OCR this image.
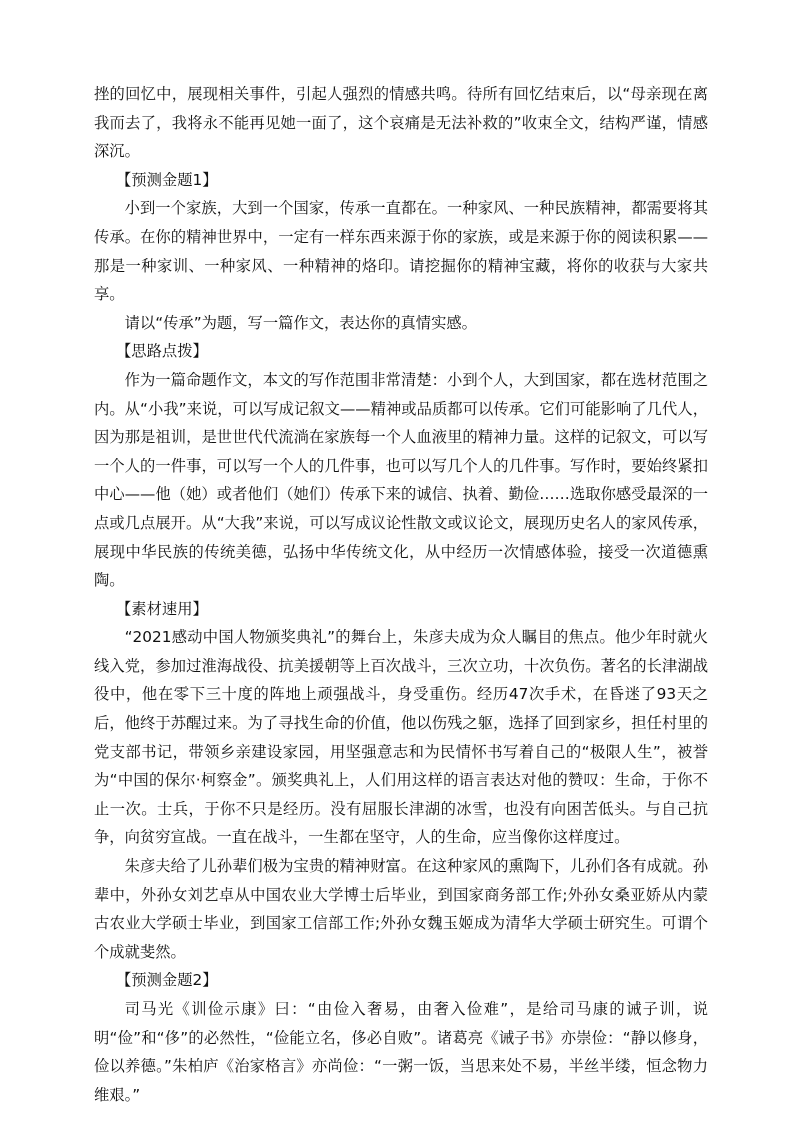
挫的回忆中，展现相关事件，引起人强烈的情感共鸣。待所有回忆结束后，以“母亲现在离我而去了，我将永不能再见她一面了，这个哀痛是无法补救的”收束全文，结构严谨，情感深沉。

【预测金题1】

小到一个家族，大到一个国家，传承一直都在。一种家风、一种民族精神，都需要将其传承。在你的精神世界中，一定有一样东西来源于你的家族，或是来源于你的阅读积累——那是一种家训、一种家风、一种精神的烙印。请挖掘你的精神宝藏，将你的收获与大家共享。

请以“传承”为题，写一篇作文，表达你的真情实感。

【思路点拨】

作为一篇命题作文，本文的写作范围非常清楚：小到个人，大到国家，都在选材范围之内。从“小我”来说，可以写成记叙文——精神或品质都可以传承。它们可能影响了几代人，因为那是祖训，是世世代代流淌在家族每一个人血液里的精神力量。这样的记叙文，可以写一个人的一件事，可以写一个人的几件事，也可以写几个人的几件事。写作时，要始终紧扣中心——他（她）或者他们（她们）传承下来的诚信、执着、勤俭……选取你感受最深的一点或几点展开。从“大我”来说，可以写成议论性散文或议论文，展现历史名人的家风传承，展现中华民族的传统美德，弘扬中华传统文化，从中经历一次情感体验，接受一次道德熏陶。

【素材速用】

“2021感动中国人物颁奖典礼”的舞台上，朱彦夫成为众人瞩目的焦点。他少年时就火线入党，参加过淮海战役、抗美援朝等上百次战斗，三次立功，十次负伤。著名的长津湖战役中，他在零下三十度的阵地上顽强战斗，身受重伤。经历47次手术，在昏迷了93天之后，他终于苏醒过来。为了寻找生命的价值，他以伤残之躯，选择了回到家乡，担任村里的党支部书记，带领乡亲建设家园，用坚强意志和为民情怀书写着自己的“极限人生”，被誉为“中国的保尔·柯察金”。颁奖典礼上，人们用这样的语言表达对他的赞叹：生命，于你不止一次。士兵，于你不只是经历。没有屈服长津湖的冰雪，也没有向困苦低头。与自己抗争，向贫穷宣战。一直在战斗，一生都在坚守，人的生命，应当像你这样度过。

朱彦夫给了儿孙辈们极为宝贵的精神财富。在这种家风的熏陶下，儿孙们各有成就。孙辈中，外孙女刘艺卓从中国农业大学博士后毕业，到国家商务部工作;外孙女桑亚娇从内蒙古农业大学硕士毕业，到国家工信部工作;外孙女魏玉姬成为清华大学硕士研究生。可谓个个成就斐然。

【预测金题2】

司马光《训俭示康》曰：“由俭入奢易，由奢入俭难”，是给司马康的诫子训，说明“俭”和“侈”的必然性，“俭能立名，侈必自败”。诸葛亮《诫子书》亦崇俭：“静以修身，俭以养德。”朱柏庐《治家格言》亦尚俭：“一粥一饭，当思来处不易，半丝半缕，恒念物力维艰。”
